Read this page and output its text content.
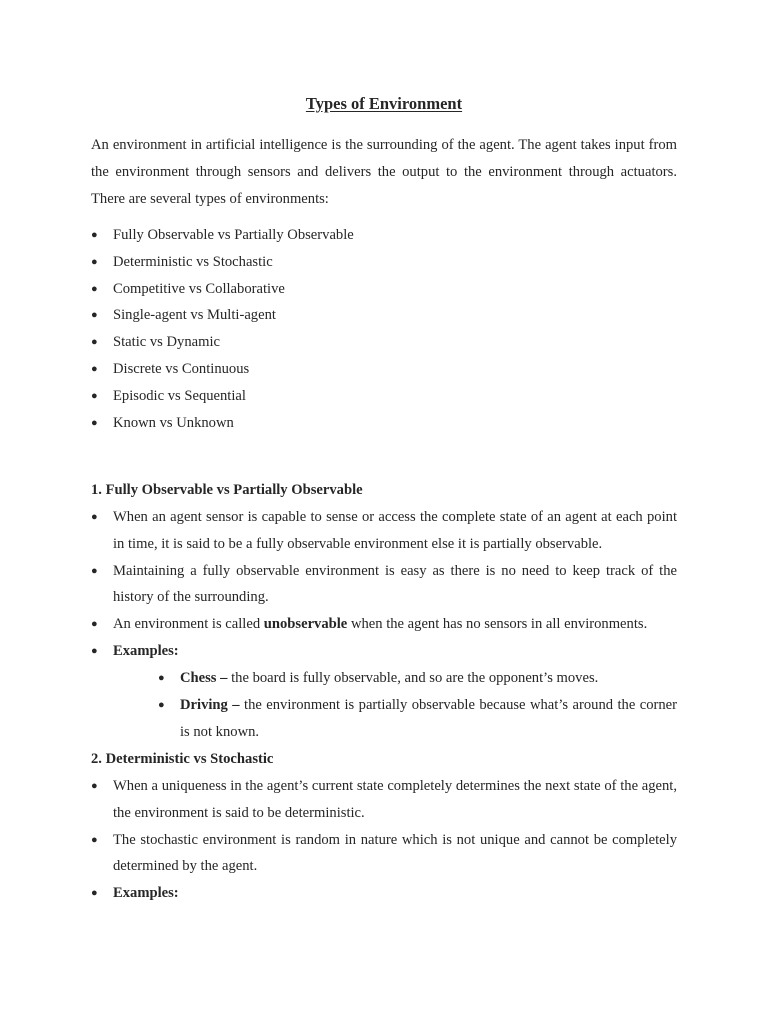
Types of Environment

An environment in artificial intelligence is the surrounding of the agent. The agent takes input from the environment through sensors and delivers the output to the environment through actuators. There are several types of environments:

● Fully Observable vs Partially Observable
● Deterministic vs Stochastic
● Competitive vs Collaborative
● Single-agent vs Multi-agent
● Static vs Dynamic
● Discrete vs Continuous
● Episodic vs Sequential
● Known vs Unknown
1. Fully Observable vs Partially Observable
● When an agent sensor is capable to sense or access the complete state of an agent at each point in time, it is said to be a fully observable environment else it is partially observable.
● Maintaining a fully observable environment is easy as there is no need to keep track of the history of the surrounding.
● An environment is called unobservable when the agent has no sensors in all environments.
● Examples:
● Chess – the board is fully observable, and so are the opponent’s moves.
● Driving – the environment is partially observable because what’s around the corner is not known.
2. Deterministic vs Stochastic
● When a uniqueness in the agent’s current state completely determines the next state of the agent, the environment is said to be deterministic.
● The stochastic environment is random in nature which is not unique and cannot be completely determined by the agent.
● Examples:
